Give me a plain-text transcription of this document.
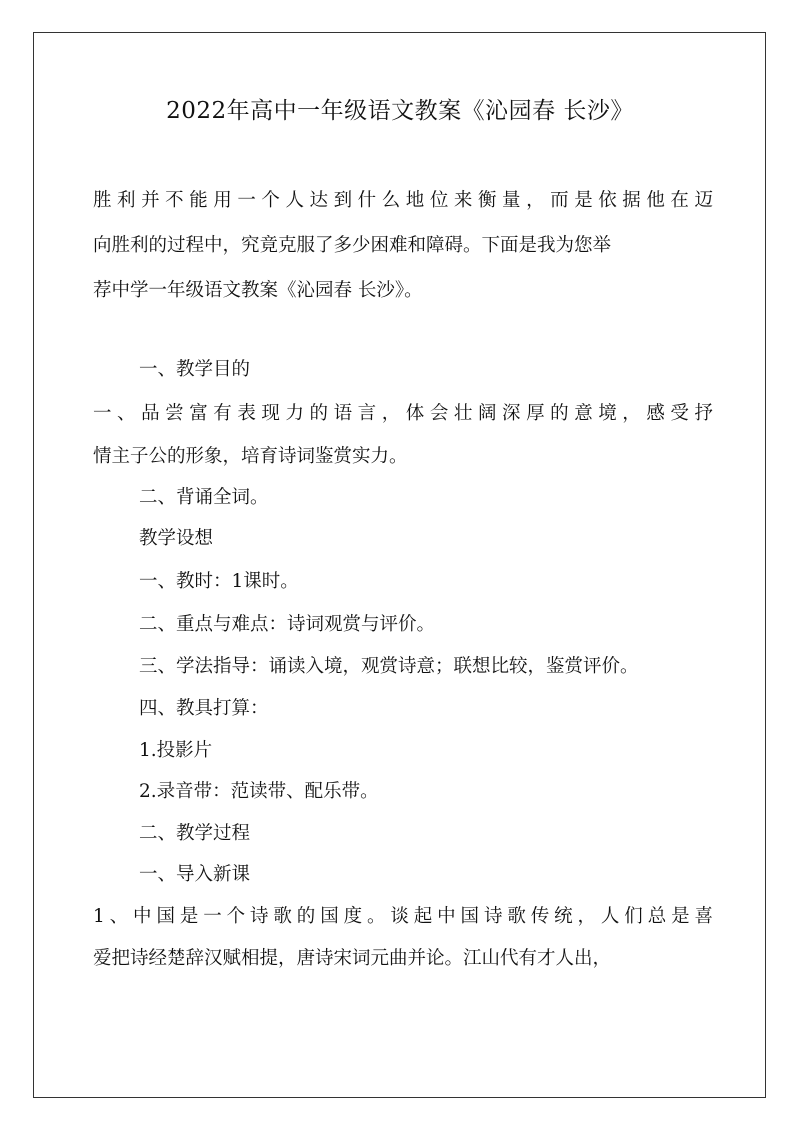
2022年高中一年级语文教案《沁园春 长沙》
胜利并不能用一个人达到什么地位来衡量，而是依据他在迈
向胜利的过程中，究竟克服了多少困难和障碍。下面是我为您举
荐中学一年级语文教案《沁园春 长沙》。
一、教学目的
一、品尝富有表现力的语言，体会壮阔深厚的意境，感受抒
情主子公的形象，培育诗词鉴赏实力。
二、背诵全词。
教学设想
一、教时：1课时。
二、重点与难点：诗词观赏与评价。
三、学法指导：诵读入境，观赏诗意；联想比较，鉴赏评价。
四、教具打算：
1.投影片
2.录音带：范读带、配乐带。
二、教学过程
一、导入新课
1、中国是一个诗歌的国度。谈起中国诗歌传统，人们总是喜
爱把诗经楚辞汉赋相提，唐诗宋词元曲并论。江山代有才人出，
